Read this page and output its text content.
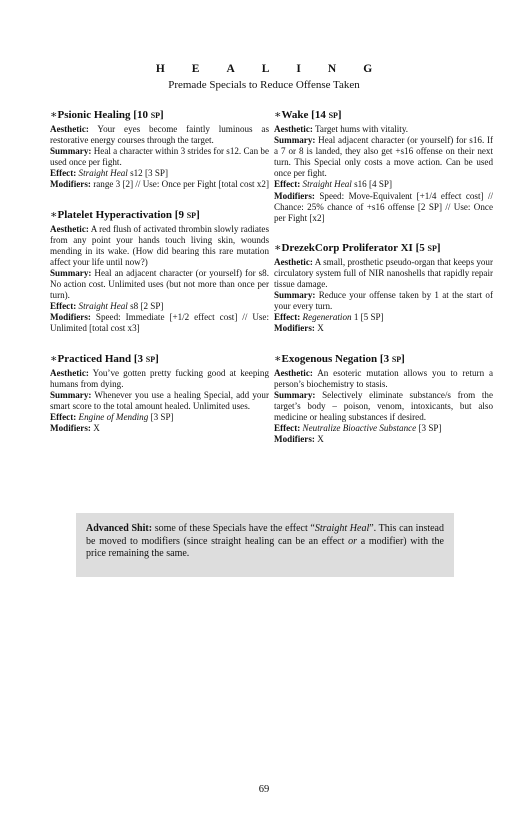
HEALING
Premade Specials to Reduce Offense Taken
∗Psionic Healing [10 SP]

Aesthetic: Your eyes become faintly luminous as restorative energy courses through the target.

Summary: Heal a character within 3 strides for s12. Can be used once per fight.

Effect: Straight Heal s12 [3 SP]

Modifiers: range 3 [2] // Use: Once per Fight [total cost x2]

∗Platelet Hyperactivation [9 SP]

Aesthetic: A red flush of activated thrombin slowly radiates from any point your hands touch living skin, wounds mending in its wake. (How did bearing this rare mutation affect your life until now?)

Summary: Heal an adjacent character (or yourself) for s8. No action cost. Unlimited uses (but not more than once per turn).

Effect: Straight Heal s8 [2 SP]

Modifiers: Speed: Immediate [+1/2 effect cost] // Use: Unlimited [total cost x3]

∗Practiced Hand [3 SP]

Aesthetic: You’ve gotten pretty fucking good at keeping humans from dying.

Summary: Whenever you use a healing Special, add your smart score to the total amount healed. Unlimited uses.

Effect: Engine of Mending [3 SP]

Modifiers: X

∗Wake [14 SP]

Aesthetic: Target hums with vitality.

Summary: Heal adjacent character (or yourself) for s16. If a 7 or 8 is landed, they also get +s16 offense on their next turn. This Special only costs a move action. Can be used once per fight.

Effect: Straight Heal s16 [4 SP]

Modifiers: Speed: Move-Equivalent [+1/4 effect cost] // Chance: 25% chance of +s16 offense [2 SP] // Use: Once per Fight [x2]

∗DrezekCorp Proliferator XI [5 SP]

Aesthetic: A small, prosthetic pseudo-organ that keeps your circulatory system full of NIR nanoshells that rapidly repair tissue damage.

Summary: Reduce your offense taken by 1 at the start of your every turn.

Effect: Regeneration 1 [5 SP]

Modifiers: X

∗Exogenous Negation [3 SP]

Aesthetic: An esoteric mutation allows you to return a person’s biochemistry to stasis.

Summary: Selectively eliminate substance/s from the target’s body – poison, venom, intoxicants, but also medicine or healing substances if desired.

Effect: Neutralize Bioactive Substance [3 SP]

Modifiers: X

Advanced Shit: some of these Specials have the effect “Straight Heal”. This can instead be moved to modifiers (since straight healing can be an effect or a modifier) with the price remaining the same.
69
